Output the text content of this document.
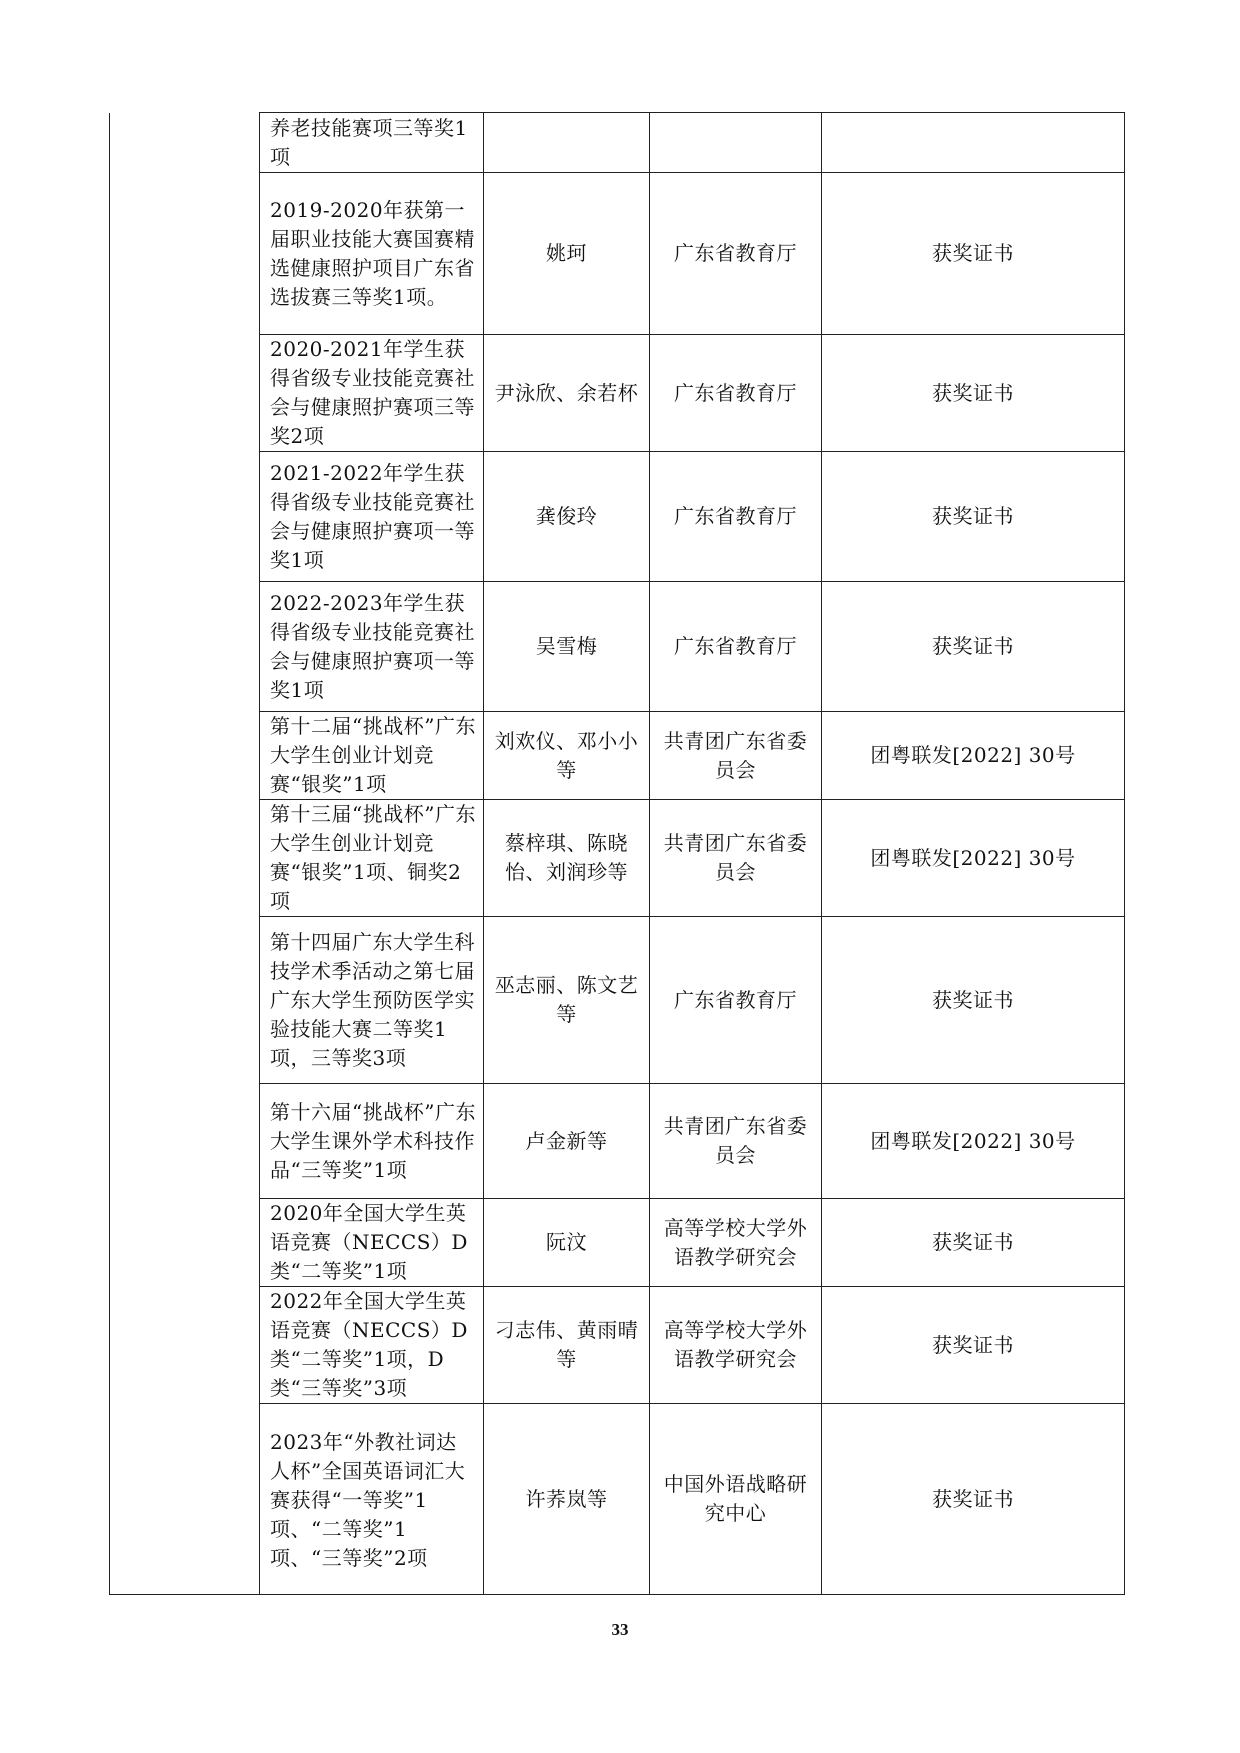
	养老技能赛项三等奖1项			
	2019-2020年获第一届职业技能大赛国赛精选健康照护项目广东省选拔赛三等奖1项。	姚珂	广东省教育厅	获奖证书
	2020-2021年学生获得省级专业技能竞赛社会与健康照护赛项三等奖2项	尹泳欣、余若杯	广东省教育厅	获奖证书
	2021-2022年学生获得省级专业技能竞赛社会与健康照护赛项一等奖1项	龚俊玲	广东省教育厅	获奖证书
	2022-2023年学生获得省级专业技能竞赛社会与健康照护赛项一等奖1项	吴雪梅	广东省教育厅	获奖证书
	第十二届“挑战杯”广东大学生创业计划竞赛“银奖”1项	刘欢仪、邓小小等	共青团广东省委员会	团粤联发[2022] 30号
	第十三届“挑战杯”广东大学生创业计划竞赛“银奖”1项、铜奖2项	蔡梓琪、陈晓怡、刘润珍等	共青团广东省委员会	团粤联发[2022] 30号
	第十四届广东大学生科技学术季活动之第七届广东大学生预防医学实验技能大赛二等奖1项，三等奖3项	巫志丽、陈文艺等	广东省教育厅	获奖证书
	第十六届“挑战杯”广东大学生课外学术科技作品“三等奖”1项	卢金新等	共青团广东省委员会	团粤联发[2022] 30号
	2020年全国大学生英语竞赛（NECCS）D类“二等奖”1项	阮汶	高等学校大学外语教学研究会	获奖证书
	2022年全国大学生英语竞赛（NECCS）D类“二等奖”1项，D类“三等奖”3项	刁志伟、黄雨晴等	高等学校大学外语教学研究会	获奖证书
	2023年“外教社词达人杯”全国英语词汇大赛获得“一等奖”1项、“二等奖”1项、“三等奖”2项	许荞岚等	中国外语战略研究中心	获奖证书
33
